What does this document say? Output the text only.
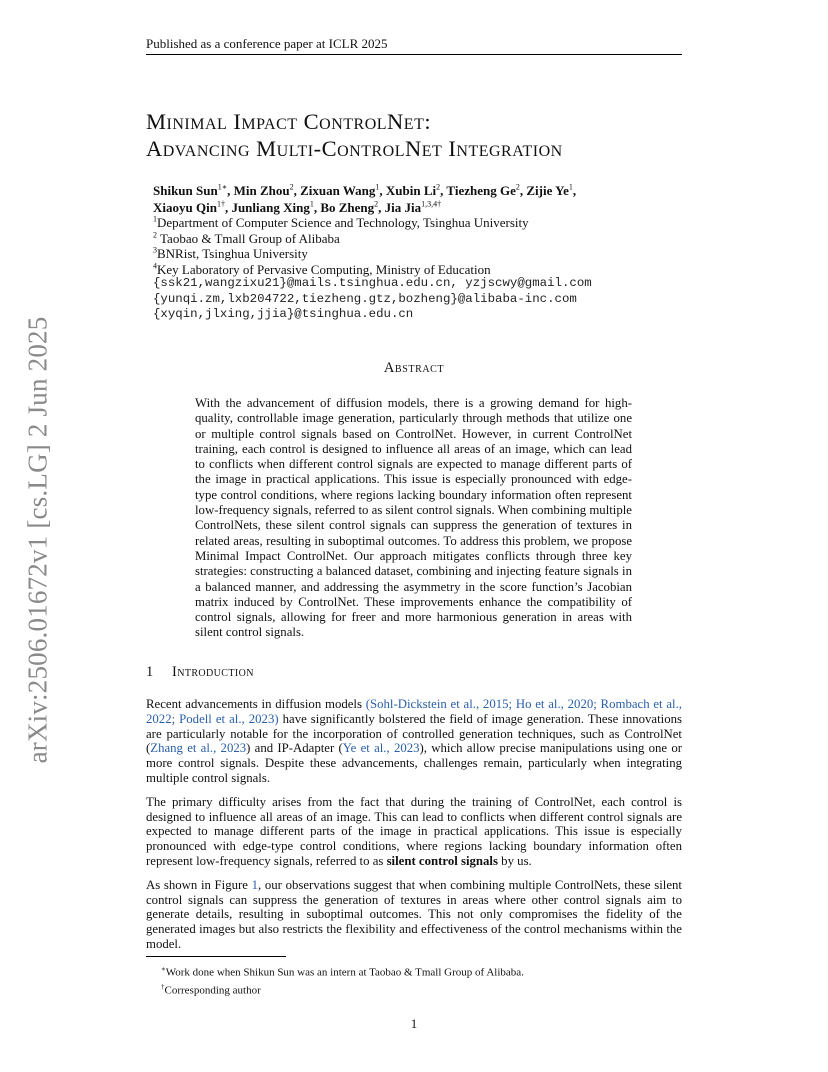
Published as a conference paper at ICLR 2025
arXiv:2506.01672v1 [cs.LG] 2 Jun 2025
Minimal Impact ControlNet:
Advancing Multi-ControlNet Integration
Shikun Sun$^{1∗}$, Min Zhou$^2$, Zixuan Wang$^1$, Xubin Li$^2$, Tiezheng Ge$^2$, Zijie Ye$^1$,
Xiaoyu Qin$^{1\dagger}$, Junliang Xing$^1$, Bo Zheng$^2$, Jia Jia$^{1,3,4\dagger}$
$^1$Department of Computer Science and Technology, Tsinghua University
$^2$ Taobao & Tmall Group of Alibaba
$^3$BNRist, Tsinghua University
$^4$Key Laboratory of Pervasive Computing, Ministry of Education
{ssk21,wangzixu21}@mails.tsinghua.edu.cn, yzjscwy@gmail.com
{yunqi.zm,lxb204722,tiezheng.gtz,bozheng}@alibaba-inc.com
{xyqin,jlxing,jjia}@tsinghua.edu.cn
Abstract
With the advancement of diffusion models, there is a growing demand for high-quality, controllable image generation, particularly through methods that utilize one or multiple control signals based on ControlNet. However, in current ControlNet training, each control is designed to influence all areas of an image, which can lead to conflicts when different control signals are expected to manage different parts of the image in practical applications. This issue is especially pronounced with edge-type control conditions, where regions lacking boundary information often represent low-frequency signals, referred to as silent control signals. When combining multiple ControlNets, these silent control signals can suppress the generation of textures in related areas, resulting in suboptimal outcomes. To address this problem, we propose Minimal Impact ControlNet. Our approach mitigates conflicts through three key strategies: constructing a balanced dataset, combining and injecting feature signals in a balanced manner, and addressing the asymmetry in the score function’s Jacobian matrix induced by ControlNet. These improvements enhance the compatibility of control signals, allowing for freer and more harmonious generation in areas with silent control signals.
1 Introduction

Recent advancements in diffusion models (Sohl-Dickstein et al., 2015; Ho et al., 2020; Rombach et al., 2022; Podell et al., 2023) have significantly bolstered the field of image generation. These innovations are particularly notable for the incorporation of controlled generation techniques, such as ControlNet (Zhang et al., 2023) and IP-Adapter (Ye et al., 2023), which allow precise manipulations using one or more control signals. Despite these advancements, challenges remain, particularly when integrating multiple control signals.

The primary difficulty arises from the fact that during the training of ControlNet, each control is designed to influence all areas of an image. This can lead to conflicts when different control signals are expected to manage different parts of the image in practical applications. This issue is especially pronounced with edge-type control conditions, where regions lacking boundary information often represent low-frequency signals, referred to as silent control signals by us.

As shown in Figure 1, our observations suggest that when combining multiple ControlNets, these silent control signals can suppress the generation of textures in areas where other control signals aim to generate details, resulting in suboptimal outcomes. This not only compromises the fidelity of the generated images but also restricts the flexibility and effectiveness of the control mechanisms within the model.

∗Work done when Shikun Sun was an intern at Taobao & Tmall Group of Alibaba.
†Corresponding author
1
